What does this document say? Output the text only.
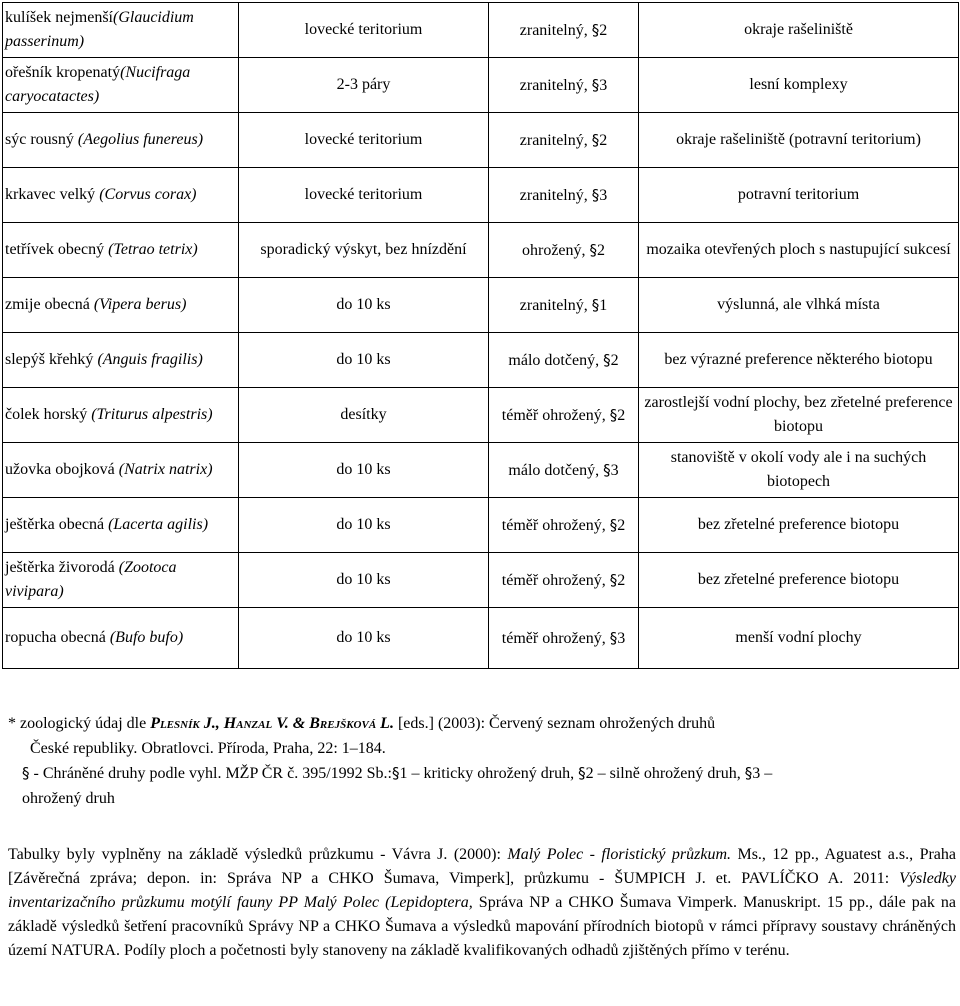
kulíšek nejmenší(Glaucidium passerinum)	lovecké teritorium	zranitelný, §2	okraje rašeliniště
ořešník kropenatý(Nucifraga caryocatactes)	2-3 páry	zranitelný, §3	lesní komplexy
sýc rousný (Aegolius funereus)	lovecké teritorium	zranitelný, §2	okraje rašeliniště (potravní teritorium)
krkavec velký (Corvus corax)	lovecké teritorium	zranitelný, §3	potravní teritorium
tetřívek obecný (Tetrao tetrix)	sporadický výskyt, bez hnízdění	ohrožený, §2	mozaika otevřených ploch s nastupující sukcesí
zmije obecná (Vipera berus)	do 10 ks	zranitelný, §1	výslunná, ale vlhká místa
slepýš křehký (Anguis fragilis)	do 10 ks	málo dotčený, §2	bez výrazné preference některého biotopu
čolek horský (Triturus alpestris)	desítky	téměř ohrožený, §2	zarostlejší vodní plochy, bez zřetelné preference biotopu
užovka obojková (Natrix natrix)	do 10 ks	málo dotčený, §3	stanoviště v okolí vody ale i na suchých biotopech
ještěrka obecná (Lacerta agilis)	do 10 ks	téměř ohrožený, §2	bez zřetelné preference biotopu
ještěrka živorodá (Zootoca vivipara)	do 10 ks	téměř ohrožený, §2	bez zřetelné preference biotopu
ropucha obecná (Bufo bufo)	do 10 ks	téměř ohrožený, §3	menší vodní plochy

* zoologický údaj dle Plesník J., Hanzal V. & Brejšková L. [eds.] (2003): Červený seznam ohrožených druhů

České republiky. Obratlovci. Příroda, Praha, 22: 1–184.

§ - Chráněné druhy podle vyhl. MŽP ČR č. 395/1992 Sb.:§1 – kriticky ohrožený druh, §2 – silně ohrožený druh, §3 –

ohrožený druh

Tabulky byly vyplněny na základě výsledků průzkumu - Vávra J. (2000): Malý Polec - floristický průzkum. Ms., 12 pp., Aguatest a.s., Praha [Závěrečná zpráva; depon. in: Správa NP a CHKO Šumava, Vimperk], průzkumu - ŠUMPICH J. et. PAVLÍČKO A. 2011: Výsledky inventarizačního průzkumu motýlí fauny PP Malý Polec (Lepidoptera, Správa NP a CHKO Šumava Vimperk. Manuskript. 15 pp., dále pak na základě výsledků šetření pracovníků Správy NP a CHKO Šumava a výsledků mapování přírodních biotopů v rámci přípravy soustavy chráněných území NATURA. Podíly ploch a početnosti byly stanoveny na základě kvalifikovaných odhadů zjištěných přímo v terénu.
